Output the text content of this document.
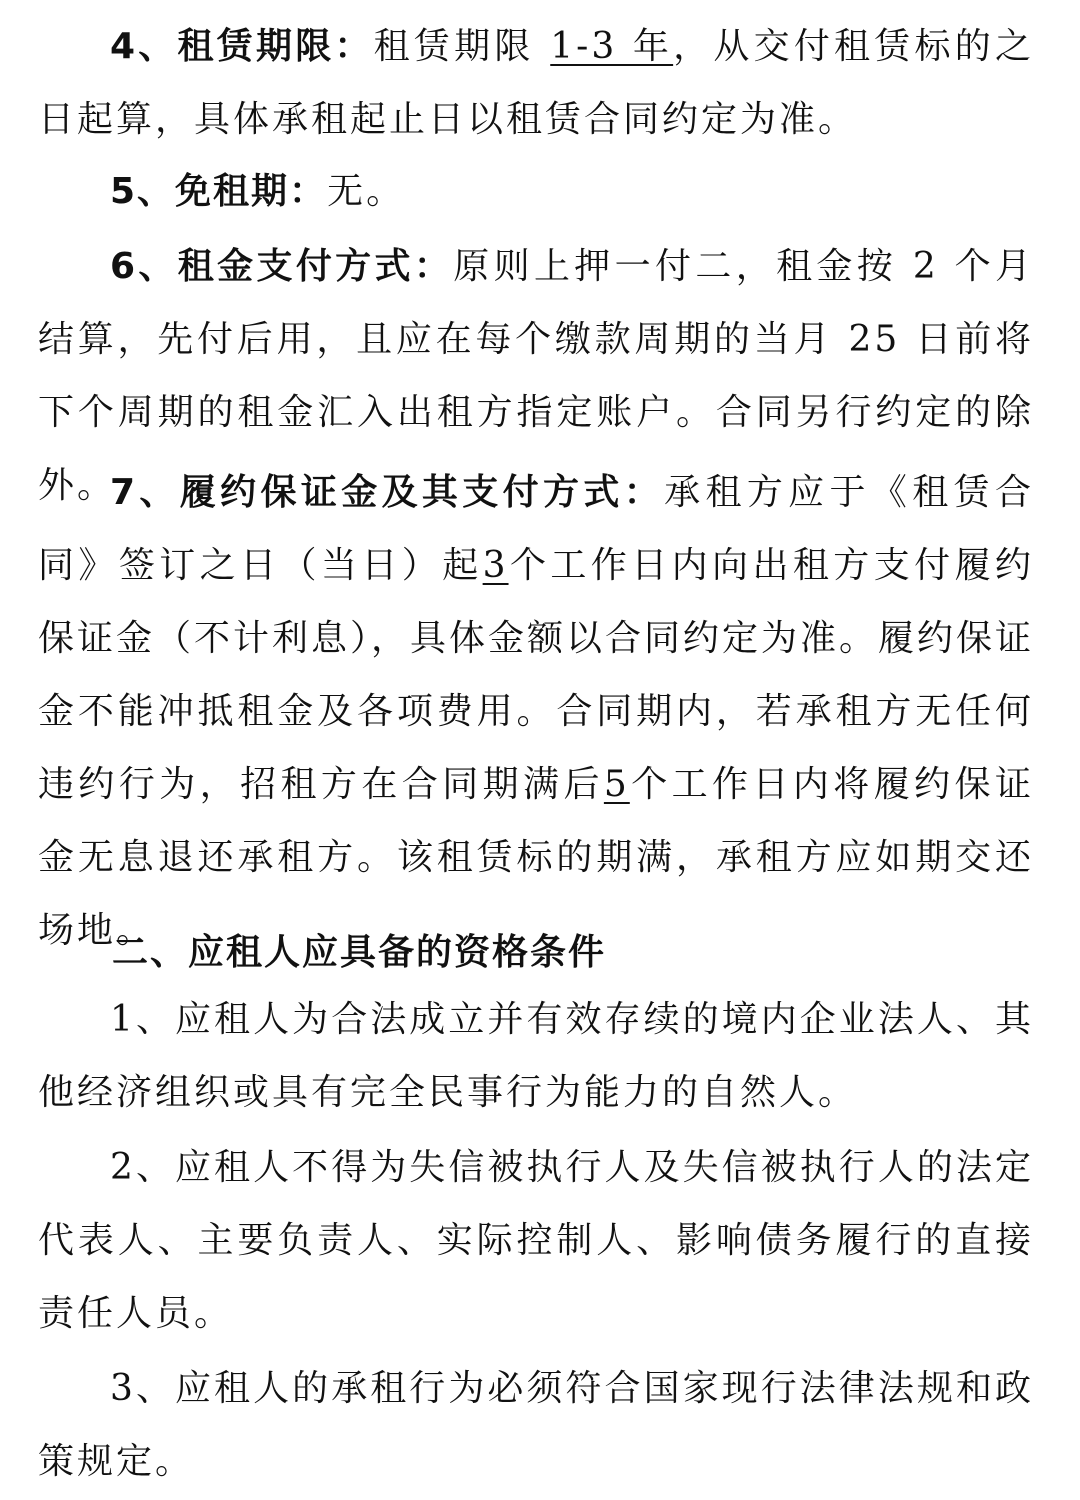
4、租赁期限：租赁期限 1-3 年，从交付租赁标的之日起算，具体承租起止日以租赁合同约定为准。

5、免租期：无。

6、租金支付方式：原则上押一付二，租金按 2 个月结算，先付后用，且应在每个缴款周期的当月 25 日前将下个周期的租金汇入出租方指定账户。合同另行约定的除外。

7、履约保证金及其支付方式：承租方应于《租赁合同》签订之日（当日）起3个工作日内向出租方支付履约保证金（不计利息），具体金额以合同约定为准。履约保证金不能冲抵租金及各项费用。合同期内，若承租方无任何违约行为，招租方在合同期满后5个工作日内将履约保证金无息退还承租方。该租赁标的期满，承租方应如期交还场地。

二、应租人应具备的资格条件

1、应租人为合法成立并有效存续的境内企业法人、其他经济组织或具有完全民事行为能力的自然人。

2、应租人不得为失信被执行人及失信被执行人的法定代表人、主要负责人、实际控制人、影响债务履行的直接责任人员。

3、应租人的承租行为必须符合国家现行法律法规和政策规定。
